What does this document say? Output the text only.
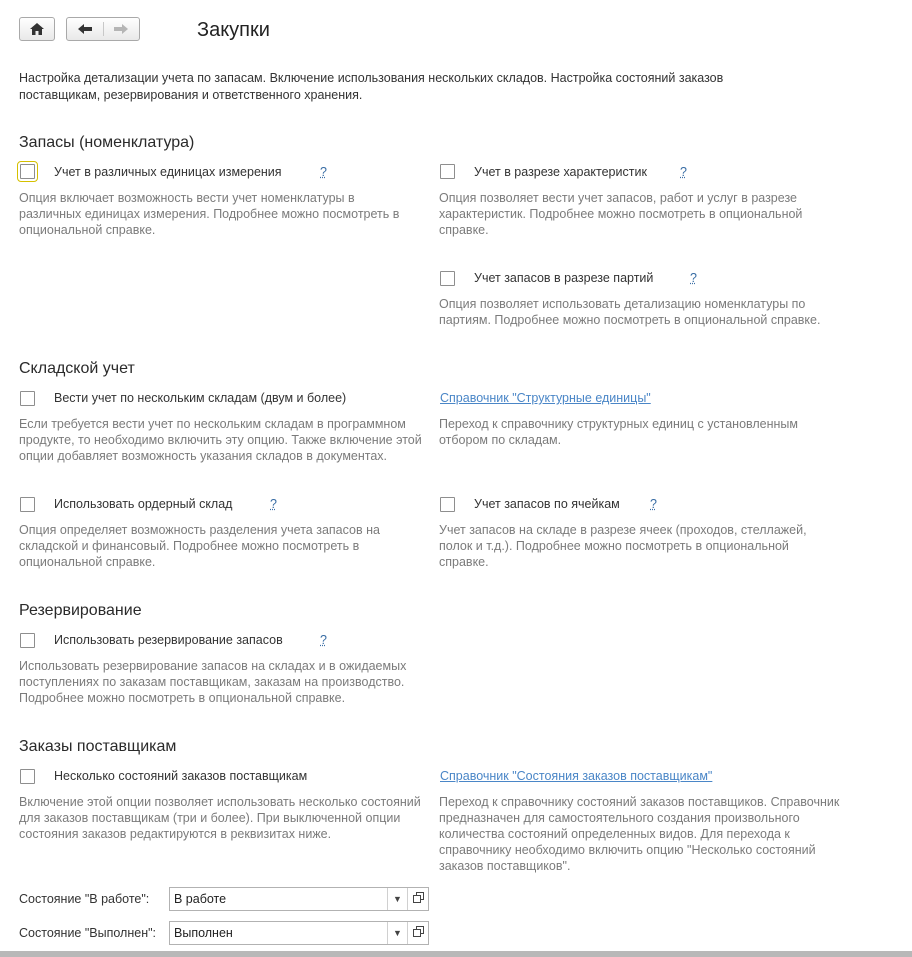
Закупки
Настройка детализации учета по запасам. Включение использования нескольких складов. Настройка состояний заказов поставщикам, резервирования и ответственного хранения.
Запасы (номенклатура)
Учет в различных единицах измерения	?
Опция включает возможность вести учет номенклатуры в различных единицах измерения. Подробнее можно посмотреть в опциональной справке.
Учет в разрезе характеристик	?
Опция позволяет вести учет запасов, работ и услуг в разрезе характеристик. Подробнее можно посмотреть в опциональной справке.
Учет запасов в разрезе партий	?
Опция позволяет использовать детализацию номенклатуры по партиям. Подробнее можно посмотреть в опциональной справке.
Складской учет
Вести учет по нескольким складам (двум и более)
Если требуется вести учет по нескольким складам в программном продукте, то необходимо включить эту опцию. Также включение этой опции добавляет возможность указания складов в документах.
Справочник "Структурные единицы"
Переход к справочнику структурных единиц с установленным отбором по складам.
Использовать ордерный склад	?
Опция определяет возможность разделения учета запасов на складской и финансовый. Подробнее можно посмотреть в опциональной справке.
Учет запасов по ячейкам ?
Учет запасов на складе в разрезе ячеек (проходов, стеллажей, полок и т.д.). Подробнее можно посмотреть в опциональной справке.
Резервирование
Использовать резервирование запасов	?
Использовать резервирование запасов на складах и в ожидаемых поступлениях по заказам поставщикам, заказам на производство. Подробнее можно посмотреть в опциональной справке.
Заказы поставщикам
Несколько состояний заказов поставщикам
Включение этой опции позволяет использовать несколько состояний для заказов поставщикам (три и более). При выключенной опции состояния заказов редактируются в реквизитах ниже.
Справочник "Состояния заказов поставщикам"
Переход к справочнику состояний заказов поставщиков. Справочник предназначен для самостоятельного создания произвольного количества состояний определенных видов. Для перехода к справочнику необходимо включить опцию "Несколько состояний заказов поставщиков".
Состояние "В работе":	В работе	▼
Состояние "Выполнен":	Выполнен	▼
